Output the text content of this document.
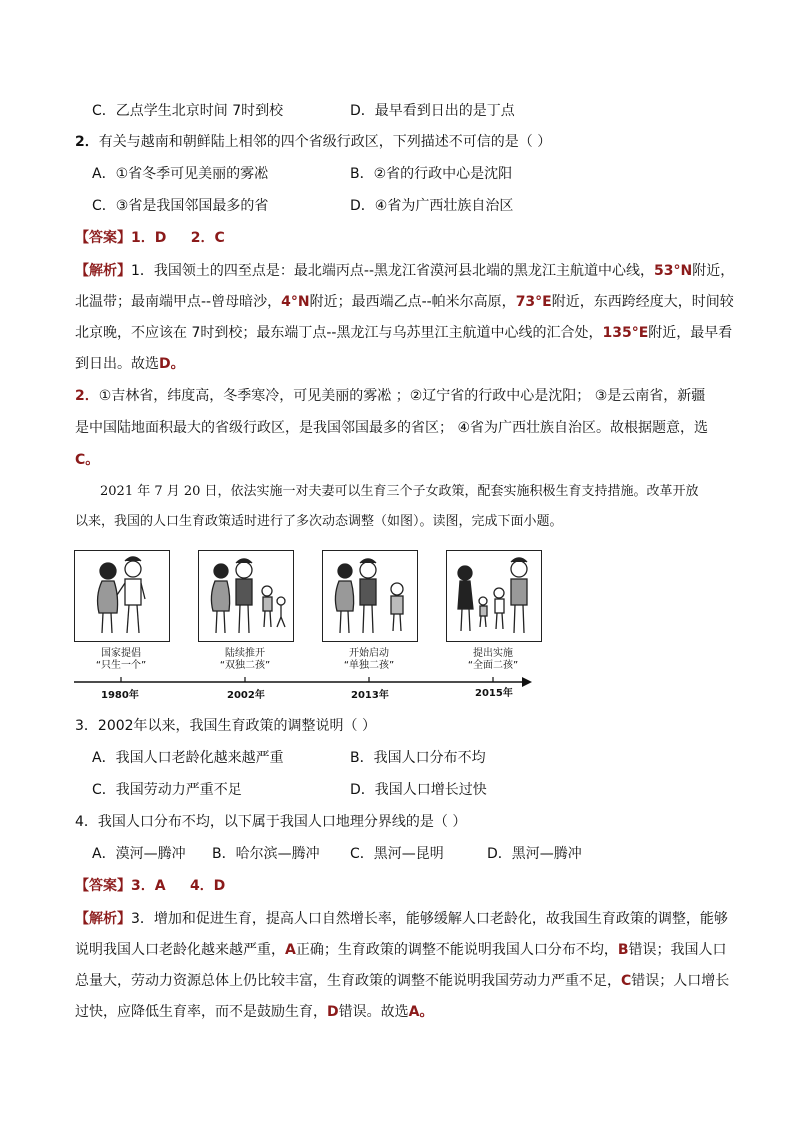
C．乙点学生北京时间 7时到校	D．最早看到日出的是丁点
2．有关与越南和朝鲜陆上相邻的四个省级行政区，下列描述不可信的是（ ）
A．①省冬季可见美丽的雾凇	B．②省的行政中心是沈阳
C．③省是我国邻国最多的省	D．④省为广西壮族自治区
【答案】1．D     2．C
【解析】1．我国领土的四至点是：最北端丙点--黑龙江省漠河县北端的黑龙江主航道中心线，53°N附近，
北温带；最南端甲点--曾母暗沙，4°N附近；最西端乙点--帕米尔高原，73°E附近，东西跨经度大，时间较
北京晚，不应该在 7时到校；最东端丁点--黑龙江与乌苏里江主航道中心线的汇合处，135°E附近，最早看
到日出。故选D。
2．①吉林省，纬度高，冬季寒冷，可见美丽的雾凇 ；②辽宁省的行政中心是沈阳； ③是云南省，新疆
是中国陆地面积最大的省级行政区，是我国邻国最多的省区； ④省为广西壮族自治区。故根据题意，选
C。
2021 年 7 月 20 日，依法实施一对夫妻可以生育三个子女政策，配套实施积极生育支持措施。改革开放
以来，我国的人口生育政策适时进行了多次动态调整（如图）。读图，完成下面小题。
国家提倡
“只生一个”
陆续推开
“双独二孩”
开始启动
“单独二孩”
提出实施
“全面二孩”
1980年	2002年	2013年	2015年
3．2002年以来，我国生育政策的调整说明（ ）
A．我国人口老龄化越来越严重	B．我国人口分布不均
C．我国劳动力严重不足	D．我国人口增长过快
4．我国人口分布不均，以下属于我国人口地理分界线的是（ ）
A．漠河—腾冲 B．哈尔滨—腾冲 C．黑河—昆明	D．黑河—腾冲
【答案】3．A     4．D
【解析】3．增加和促进生育，提高人口自然增长率，能够缓解人口老龄化，故我国生育政策的调整，能够
说明我国人口老龄化越来越严重，A正确；生育政策的调整不能说明我国人口分布不均，B错误；我国人口
总量大，劳动力资源总体上仍比较丰富，生育政策的调整不能说明我国劳动力严重不足，C错误；人口增长
过快，应降低生育率，而不是鼓励生育，D错误。故选A。
